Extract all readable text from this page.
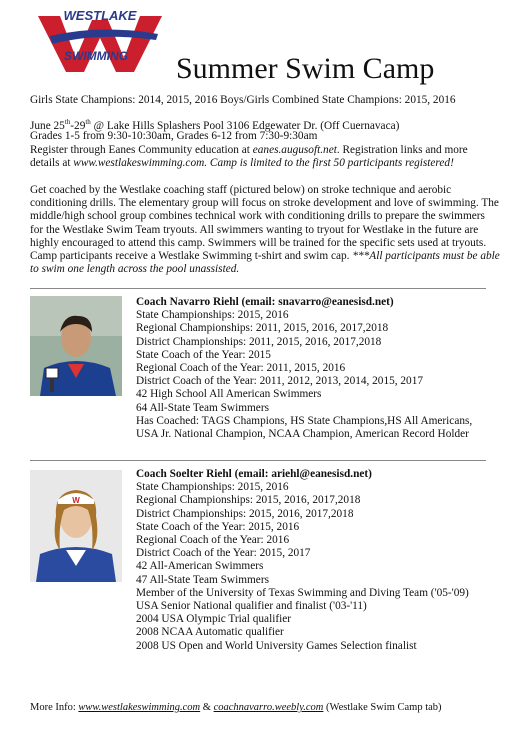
WESTLAKE
SWIMMING Summer Swim Camp
Girls State Champions: 2014, 2015, 2016 Boys/Girls Combined State Champions: 2015, 2016
June 25th-29th @ Lake Hills Splashers Pool 3106 Edgewater Dr. (Off Cuernavaca)
Grades 1-5 from 9:30-10:30am, Grades 6-12 from 7:30-9:30am
Register through Eanes Community education at eanes.augusoft.net. Registration links and more
details at www.westlakeswimming.com. Camp is limited to the first 50 participants registered!
Get coached by the Westlake coaching staff (pictured below) on stroke technique and aerobic conditioning drills. The elementary group will focus on stroke development and love of swimming. The middle/high school group combines technical work with conditioning drills to prepare the swimmers for the Westlake Swim Team tryouts. All swimmers wanting to tryout for Westlake in the future are highly encouraged to attend this camp. Swimmers will be trained for the specific sets used at tryouts. Camp participants receive a Westlake Swimming t-shirt and swim cap. ***All participants must be able to swim one length across the pool unassisted.
Coach Navarro Riehl (email: snavarro@eanesisd.net)
State Championships: 2015, 2016
Regional Championships: 2011, 2015, 2016, 2017,2018
District Championships: 2011, 2015, 2016, 2017,2018
State Coach of the Year: 2015
Regional Coach of the Year: 2011, 2015, 2016
District Coach of the Year: 2011, 2012, 2013, 2014, 2015, 2017
42 High School All American Swimmers
64 All-State Team Swimmers
Has Coached: TAGS Champions, HS State Champions,HS All Americans,
USA Jr. National Champion, NCAA Champion, American Record Holder
W
Coach Soelter Riehl (email: ariehl@eanesisd.net)
State Championships: 2015, 2016
Regional Championships: 2015, 2016, 2017,2018
District Championships: 2015, 2016, 2017,2018
State Coach of the Year: 2015, 2016
Regional Coach of the Year: 2016
District Coach of the Year: 2015, 2017
42 All-American Swimmers
47 All-State Team Swimmers
Member of the University of Texas Swimming and Diving Team ('05-'09)
USA Senior National qualifier and finalist ('03-'11)
2004 USA Olympic Trial qualifier
2008 NCAA Automatic qualifier
2008 US Open and World University Games Selection finalist
More Info: www.westlakeswimming.com & coachnavarro.weebly.com (Westlake Swim Camp tab)
